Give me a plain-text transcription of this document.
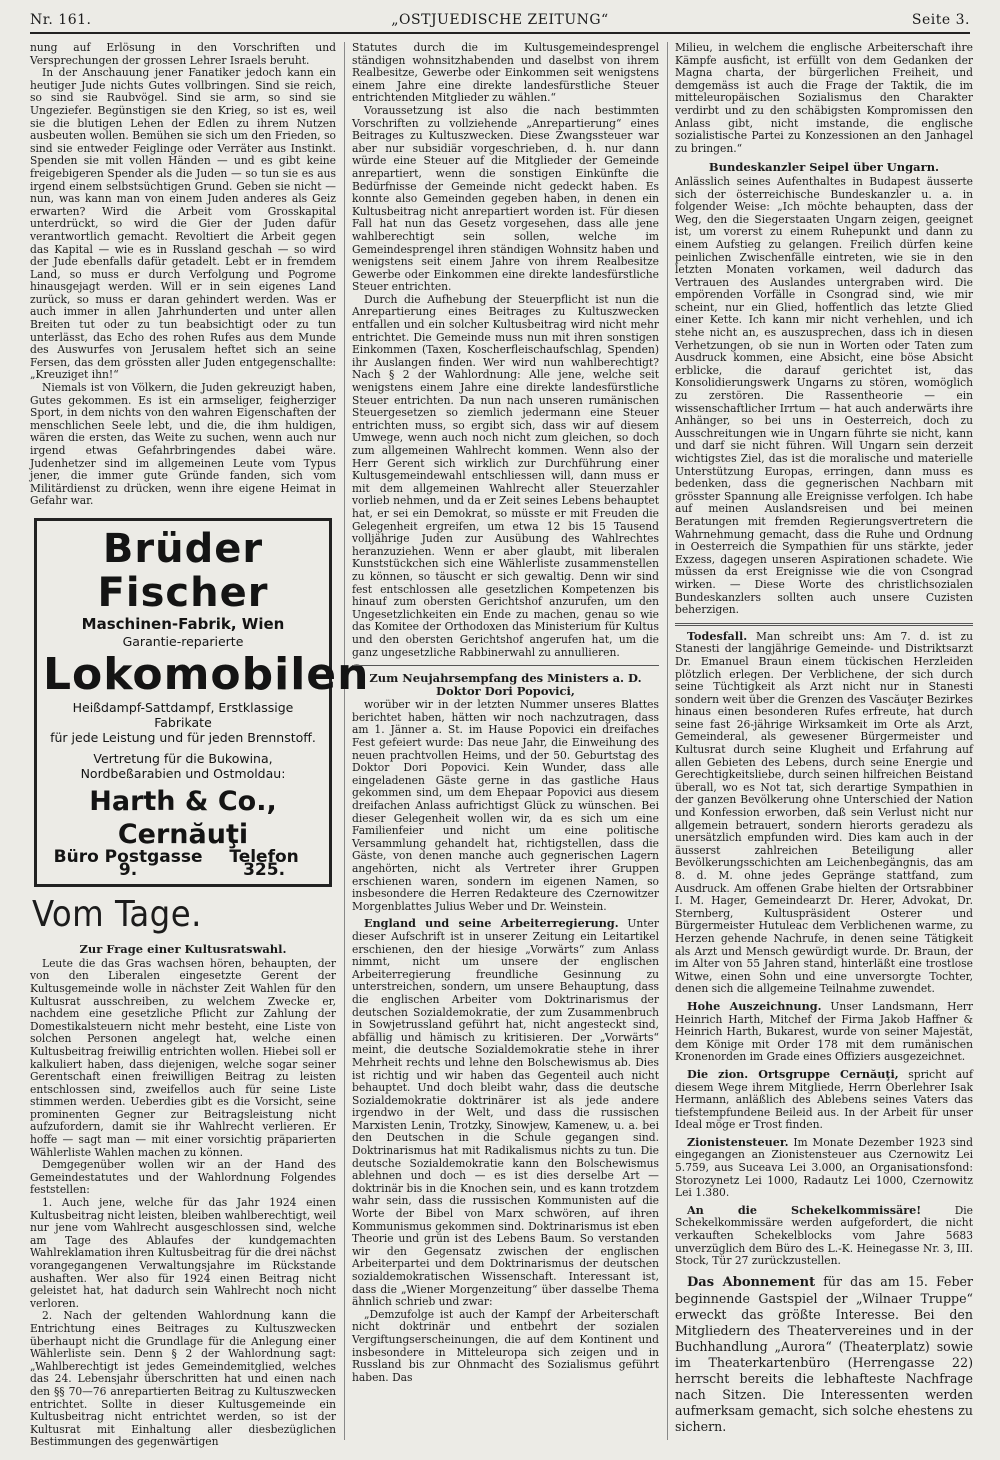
Nr. 161.	„OSTJUEDISCHE ZEITUNG“	Seite 3.

nung auf Erlösung in den Vorschriften und Versprechungen der grossen Lehrer Israels beruht.

In der Anschauung jener Fanatiker jedoch kann ein heutiger Jude nichts Gutes vollbringen. Sind sie reich, so sind sie Raubvögel. Sind sie arm, so sind sie Ungeziefer. Begünstigen sie den Krieg, so ist es, weil sie die blutigen Lehen der Edlen zu ihrem Nutzen ausbeuten wollen. Bemühen sie sich um den Frieden, so sind sie entweder Feiglinge oder Verräter aus Instinkt. Spenden sie mit vollen Händen — und es gibt keine freigebigeren Spender als die Juden — so tun sie es aus irgend einem selbstsüchtigen Grund. Geben sie nicht — nun, was kann man von einem Juden anderes als Geiz erwarten? Wird die Arbeit vom Grosskapital unterdrückt, so wird die Gier der Juden dafür verantwortlich gemacht. Revoltiert die Arbeit gegen das Kapital — wie es in Russland geschah — so wird der Jude ebenfalls dafür getadelt. Lebt er in fremdem Land, so muss er durch Verfolgung und Pogrome hinausgejagt werden. Will er in sein eigenes Land zurück, so muss er daran gehindert werden. Was er auch immer in allen Jahrhunderten und unter allen Breiten tut oder zu tun beabsichtigt oder zu tun unterlässt, das Echo des rohen Rufes aus dem Munde des Auswurfes von Jerusalem heftet sich an seine Fersen, das dem grössten aller Juden entgegenschallte: „Kreuziget ihn!“

Niemals ist von Völkern, die Juden gekreuzigt haben, Gutes gekommen. Es ist ein armseliger, feigherziger Sport, in dem nichts von den wahren Eigenschaften der menschlichen Seele lebt, und die, die ihm huldigen, wären die ersten, das Weite zu suchen, wenn auch nur irgend etwas Gefahrbringendes dabei wäre. Judenhetzer sind im allgemeinen Leute vom Typus jener, die immer gute Gründe fanden, sich vom Militärdienst zu drücken, wenn ihre eigene Heimat in Gefahr war.

Brüder Fischer
Maschinen-Fabrik, Wien
Garantie-reparierte
Lokomobilen
Heißdampf-Sattdampf, Erstklassige Fabrikate
für jede Leistung und für jeden Brennstoff.
Vertretung für die Bukowina,
Nordbeßarabien und Ostmoldau:
Harth & Co., Cernăuţi
Büro Postgasse 9.
Telefon 325.
Vom Tage.
Zur Frage einer Kultusratswahl.

Leute die das Gras wachsen hören, behaupten, der von den Liberalen eingesetzte Gerent der Kultusgemeinde wolle in nächster Zeit Wahlen für den Kultusrat ausschreiben, zu welchem Zwecke er, nachdem eine gesetzliche Pflicht zur Zahlung der Domestikalsteuern nicht mehr besteht, eine Liste von solchen Personen angelegt hat, welche einen Kultusbeitrag freiwillig entrichten wollen. Hiebei soll er kalkuliert haben, dass diejenigen, welche sogar seiner Gerentschaft einen freiwilligen Beitrag zu leisten entschlossen sind, zweifellos auch für seine Liste stimmen werden. Ueberdies gibt es die Vorsicht, seine prominenten Gegner zur Beitragsleistung nicht aufzufordern, damit sie ihr Wahlrecht verlieren. Er hoffe — sagt man — mit einer vorsichtig präparierten Wählerliste Wahlen machen zu können.

Demgegenüber wollen wir an der Hand des Gemeindestatutes und der Wahlordnung Folgendes feststellen:

1. Auch jene, welche für das Jahr 1924 einen Kultusbeitrag nicht leisten, bleiben wahlberechtigt, weil nur jene vom Wahlrecht ausgeschlossen sind, welche am Tage des Ablaufes der kundgemachten Wahlreklamation ihren Kultusbeitrag für die drei nächst vorangegangenen Verwaltungsjahre im Rückstande aushaften. Wer also für 1924 einen Beitrag nicht geleistet hat, hat dadurch sein Wahlrecht noch nicht verloren.

2. Nach der geltenden Wahlordnung kann die Entrichtung eines Beitrages zu Kultuszwecken überhaupt nicht die Grundlage für die Anlegung einer Wählerliste sein. Denn § 2 der Wahlordnung sagt: „Wahlberechtigt ist jedes Gemeindemitglied, welches das 24. Lebensjahr überschritten hat und einen nach den §§ 70—76 anrepartierten Beitrag zu Kultuszwecken entrichtet. Sollte in dieser Kultusgemeinde ein Kultusbeitrag nicht entrichtet werden, so ist der Kultusrat mit Einhaltung aller diesbezüglichen Bestimmungen des gegenwärtigen

Statutes durch die im Kultusgemeindesprengel ständigen wohnsitzhabenden und daselbst von ihrem Realbesitze, Gewerbe oder Einkommen seit wenigstens einem Jahre eine direkte landesfürstliche Steuer entrichtenden Mitglieder zu wählen.“

Voraussetzung ist also die nach bestimmten Vorschriften zu vollziehende „Anrepartierung“ eines Beitrages zu Kultuszwecken. Diese Zwangssteuer war aber nur subsidiär vorgeschrieben, d. h. nur dann würde eine Steuer auf die Mitglieder der Gemeinde anrepartiert, wenn die sonstigen Einkünfte die Bedürfnisse der Gemeinde nicht gedeckt haben. Es konnte also Gemeinden gegeben haben, in denen ein Kultusbeitrag nicht anrepartiert worden ist. Für diesen Fall hat nun das Gesetz vorgesehen, dass alle jene wahlberechtigt sein sollen, welche im Gemeindesprengel ihren ständigen Wohnsitz haben und wenigstens seit einem Jahre von ihrem Realbesitze Gewerbe oder Einkommen eine direkte landesfürstliche Steuer entrichten.

Durch die Aufhebung der Steuerpflicht ist nun die Anrepartierung eines Beitrages zu Kultuszwecken entfallen und ein solcher Kultusbeitrag wird nicht mehr entrichtet. Die Gemeinde muss nun mit ihren sonstigen Einkommen (Taxen, Koscherfleischaufschlag, Spenden) ihr Auslangen finden. Wer wird nun wahlberechtigt? Nach § 2 der Wahlordnung: Alle jene, welche seit wenigstens einem Jahre eine direkte landesfürstliche Steuer entrichten. Da nun nach unseren rumänischen Steuergesetzen so ziemlich jedermann eine Steuer entrichten muss, so ergibt sich, dass wir auf diesem Umwege, wenn auch noch nicht zum gleichen, so doch zum allgemeinen Wahlrecht kommen. Wenn also der Herr Gerent sich wirklich zur Durchführung einer Kultusgemeindewahl entschliessen will, dann muss er mit dem allgemeinen Wahlrecht aller Steuerzahler vorlieb nehmen, und da er Zeit seines Lebens behauptet hat, er sei ein Demokrat, so müsste er mit Freuden die Gelegenheit ergreifen, um etwa 12 bis 15 Tausend volljährige Juden zur Ausübung des Wahlrechtes heranzuziehen. Wenn er aber glaubt, mit liberalen Kunststückchen sich eine Wählerliste zusammenstellen zu können, so täuscht er sich gewaltig. Denn wir sind fest entschlossen alle gesetzlichen Kompetenzen bis hinauf zum obersten Gerichtshof anzurufen, um den Ungesetzlichkeiten ein Ende zu machen, genau so wie das Komitee der Orthodoxen das Ministerium für Kultus und den obersten Gerichtshof angerufen hat, um die ganz ungesetzliche Rabbinerwahl zu annullieren.

Zum Neujahrsempfang des Ministers a. D. Doktor Dori Popovici,

worüber wir in der letzten Nummer unseres Blattes berichtet haben, hätten wir noch nachzutragen, dass am 1. Jänner a. St. im Hause Popovici ein dreifaches Fest gefeiert wurde: Das neue Jahr, die Einweihung des neuen prachtvollen Heims, und der 50. Geburtstag des Doktor Dori Popovici. Kein Wunder, dass alle eingeladenen Gäste gerne in das gastliche Haus gekommen sind, um dem Ehepaar Popovici aus diesem dreifachen Anlass aufrichtigst Glück zu wünschen. Bei dieser Gelegenheit wollen wir, da es sich um eine Familienfeier und nicht um eine politische Versammlung gehandelt hat, richtigstellen, dass die Gäste, von denen manche auch gegnerischen Lagern angehörten, nicht als Vertreter ihrer Gruppen erschienen waren, sondern im eigenen Namen, so insbesondere die Herren Redakteure des Czernowitzer Morgenblattes Julius Weber und Dr. Weinstein.

England und seine Arbeiterregierung. Unter dieser Aufschrift ist in unserer Zeitung ein Leitartikel erschienen, den der hiesige „Vorwärts“ zum Anlass nimmt, nicht um unsere der englischen Arbeiterregierung freundliche Gesinnung zu unterstreichen, sondern, um unsere Behauptung, dass die englischen Arbeiter vom Doktrinarismus der deutschen Sozialdemokratie, der zum Zusammenbruch in Sowjetrussland geführt hat, nicht angesteckt sind, abfällig und hämisch zu kritisieren. Der „Vorwärts“ meint, die deutsche Sozialdemokratie stehe in ihrer Mehrheit rechts und lehne den Bolschewismus ab. Dies ist richtig und wir haben das Gegenteil auch nicht behauptet. Und doch bleibt wahr, dass die deutsche Sozialdemokratie doktrinärer ist als jede andere irgendwo in der Welt, und dass die russischen Marxisten Lenin, Trotzky, Sinowjew, Kamenew, u. a. bei den Deutschen in die Schule gegangen sind. Doktrinarismus hat mit Radikalismus nichts zu tun. Die deutsche Sozialdemokratie kann den Bolschewismus ablehnen und doch — es ist dies derselbe Art — doktrinär bis in die Knochen sein, und es kann trotzdem wahr sein, dass die russischen Kommunisten auf die Worte der Bibel von Marx schwören, auf ihren Kommunismus gekommen sind. Doktrinarismus ist eben Theorie und grün ist des Lebens Baum. So verstanden wir den Gegensatz zwischen der englischen Arbeiterpartei und dem Doktrinarismus der deutschen sozialdemokratischen Wissenschaft. Interessant ist, dass die „Wiener Morgenzeitung“ über dasselbe Thema ähnlich schrieb und zwar:

„Demzufolge ist auch der Kampf der Arbeiterschaft nicht doktrinär und entbehrt der sozialen Vergiftungserscheinungen, die auf dem Kontinent und insbesondere in Mitteleuropa sich zeigen und in Russland bis zur Ohnmacht des Sozialismus geführt haben. Das

Milieu, in welchem die englische Arbeiterschaft ihre Kämpfe ausficht, ist erfüllt von dem Gedanken der Magna charta, der bürgerlichen Freiheit, und demgemäss ist auch die Frage der Taktik, die im mitteleuropäischen Sozialismus den Charakter verdirbt und zu den schäbigsten Kompromissen den Anlass gibt, nicht imstande, die englische sozialistische Partei zu Konzessionen an den Janhagel zu bringen.“

Bundeskanzler Seipel über Ungarn.

Anlässlich seines Aufenthaltes in Budapest äusserte sich der österreichische Bundeskanzler u. a. in folgender Weise: „Ich möchte behaupten, dass der Weg, den die Siegerstaaten Ungarn zeigen, geeignet ist, um vorerst zu einem Ruhepunkt und dann zu einem Aufstieg zu gelangen. Freilich dürfen keine peinlichen Zwischenfälle eintreten, wie sie in den letzten Monaten vorkamen, weil dadurch das Vertrauen des Auslandes untergraben wird. Die empörenden Vorfälle in Csongrad sind, wie mir scheint, nur ein Glied, hoffentlich das letzte Glied einer Kette. Ich kann mir nicht verhehlen, und ich stehe nicht an, es auszusprechen, dass ich in diesen Verhetzungen, ob sie nun in Worten oder Taten zum Ausdruck kommen, eine Absicht, eine böse Absicht erblicke, die darauf gerichtet ist, das Konsolidierungswerk Ungarns zu stören, womöglich zu zerstören. Die Rassentheorie — ein wissenschaftlicher Irrtum — hat auch anderwärts ihre Anhänger, so bei uns in Oesterreich, doch zu Ausschreitungen wie in Ungarn führte sie nicht, kann und darf sie nicht führen. Will Ungarn sein derzeit wichtigstes Ziel, das ist die moralische und materielle Unterstützung Europas, erringen, dann muss es bedenken, dass die gegnerischen Nachbarn mit grösster Spannung alle Ereignisse verfolgen. Ich habe auf meinen Auslandsreisen und bei meinen Beratungen mit fremden Regierungsvertretern die Wahrnehmung gemacht, dass die Ruhe und Ordnung in Oesterreich die Sympathien für uns stärkte, jeder Exzess, dagegen unseren Aspirationen schadete. Wie müssen da erst Ereignisse wie die von Csongrad wirken. — Diese Worte des christlichsozialen Bundeskanzlers sollten auch unsere Cuzisten beherzigen.

Todesfall. Man schreibt uns: Am 7. d. ist zu Stanesti der langjährige Gemeinde- und Distriktsarzt Dr. Emanuel Braun einem tückischen Herzleiden plötzlich erlegen. Der Verblichene, der sich durch seine Tüchtigkeit als Arzt nicht nur in Stanesti sondern weit über die Grenzen des Vascăuţer Bezirkes hinaus einen besonderen Rufes erfreute, hat durch seine fast 26-jährige Wirksamkeit im Orte als Arzt, Gemeinderal, als gewesener Bürgermeister und Kultusrat durch seine Klugheit und Erfahrung auf allen Gebieten des Lebens, durch seine Energie und Gerechtigkeitsliebe, durch seinen hilfreichen Beistand überall, wo es Not tat, sich derartige Sympathien in der ganzen Bevölkerung ohne Unterschied der Nation und Konfession erworben, daß sein Verlust nicht nur allgemein betrauert, sondern hierorts geradezu als unersätzlich empfunden wird. Dies kam auch in der äusserst zahlreichen Beteiligung aller Bevölkerungsschichten am Leichenbegängnis, das am 8. d. M. ohne jedes Gepränge stattfand, zum Ausdruck. Am offenen Grabe hielten der Ortsrabbiner I. M. Hager, Gemeindearzt Dr. Herer, Advokat, Dr. Sternberg, Kultuspräsident Osterer und Bürgermeister Hutuleac dem Verblichenen warme, zu Herzen gehende Nachrufe, in denen seine Tätigkeit als Arzt und Mensch gewürdigt wurde. Dr. Braun, der im Alter von 55 Jahren stand, hinterläßt eine trostlose Witwe, einen Sohn und eine unversorgte Tochter, denen sich die allgemeine Teilnahme zuwendet.

Hohe Auszeichnung. Unser Landsmann, Herr Heinrich Harth, Mitchef der Firma Jakob Haffner & Heinrich Harth, Bukarest, wurde von seiner Majestät, dem Könige mit Order 178 mit dem rumänischen Kronenorden im Grade eines Offiziers ausgezeichnet.

Die zion. Ortsgruppe Cernăuţi, spricht auf diesem Wege ihrem Mitgliede, Herrn Oberlehrer Isak Hermann, anläßlich des Ablebens seines Vaters das tiefstempfundene Beileid aus. In der Arbeit für unser Ideal möge er Trost finden.

Zionistensteuer. Im Monate Dezember 1923 sind eingegangen an Zionistensteuer aus Czernowitz Lei 5.759, aus Suceava Lei 3.000, an Organisationsfond: Storozynetz Lei 1000, Radautz Lei 1000, Czernowitz Lei 1.380.

An die Schekelkommissäre!	Die Schekelkommissäre werden aufgefordert, die nicht verkauften Schekelblocks vom Jahre 5683 unverzüglich dem Büro des L.-K. Heinegasse Nr. 3, III. Stock, Tür 27 zurückzustellen.

Das Abonnement für das am 15. Feber beginnende Gastspiel der „Wilnaer Truppe“ erweckt das größte Interesse. Bei den Mitgliedern des Theatervereines und in der Buchhandlung „Aurora“ (Theaterplatz) sowie im Theaterkartenbüro (Herrengasse 22) herrscht bereits die lebhafteste Nachfrage nach Sitzen. Die Interessenten werden aufmerksam gemacht, sich solche ehestens zu sichern.
